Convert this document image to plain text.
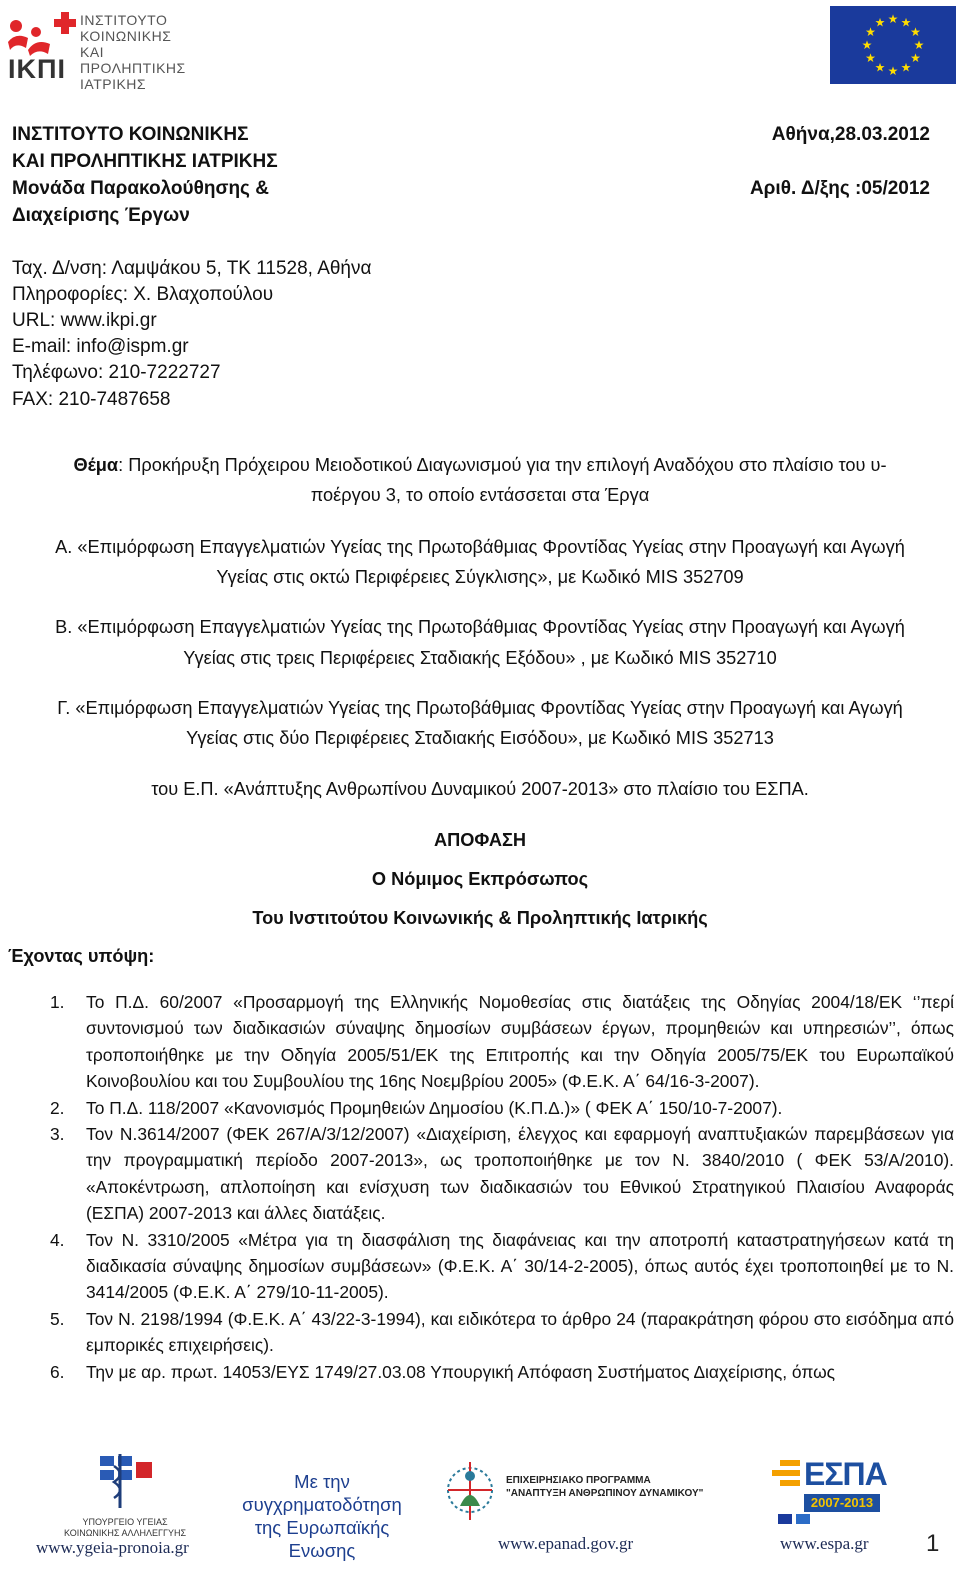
ΙΚΠΙ
ΙΝΣΤΙΤΟΥΤΟ
ΚΟΙΝΩΝΙΚΗΣ
ΚΑΙ ΠΡΟΛΗΠΤΙΚΗΣ
ΙΑΤΡΙΚΗΣ
★ ★
★
★
★
★
★
★
★
★
★
★
ΙΝΣΤΙΤΟΥΤΟ ΚΟΙΝΩΝΙΚΗΣ
ΚΑΙ ΠΡΟΛΗΠΤΙΚΗΣ ΙΑΤΡΙΚΗΣ
Μονάδα Παρακολούθησης &
Διαχείρισης Έργων
Αθήνα,28.03.2012
Αριθ. Δ/ξης :05/2012
Ταχ. Δ/νση: Λαμψάκου 5, ΤΚ 11528, Αθήνα
Πληροφορίες: Χ. Βλαχοπούλου
URL: www.ikpi.gr
E-mail: info@ispm.gr
Τηλέφωνο: 210-7222727
FAX: 210-7487658
Θέμα: Προκήρυξη Πρόχειρου Μειοδοτικού Διαγωνισμού για την επιλογή Αναδόχου στο πλαίσιο του υ-
ποέργου 3, το οποίο εντάσσεται στα Έργα
Α. «Επιμόρφωση Επαγγελματιών Υγείας της Πρωτοβάθμιας Φροντίδας Υγείας στην Προαγωγή και Αγωγή
Υγείας στις οκτώ Περιφέρειες Σύγκλισης», με Κωδικό MIS 352709
Β. «Επιμόρφωση Επαγγελματιών Υγείας της Πρωτοβάθμιας Φροντίδας Υγείας στην Προαγωγή και Αγωγή
Υγείας στις τρεις Περιφέρειες Σταδιακής Εξόδου» , με Κωδικό MIS 352710
Γ. «Επιμόρφωση Επαγγελματιών Υγείας της Πρωτοβάθμιας Φροντίδας Υγείας στην Προαγωγή και Αγωγή
Υγείας στις δύο Περιφέρειες Σταδιακής Εισόδου», με Κωδικό MIS 352713
του Ε.Π. «Ανάπτυξης Ανθρωπίνου Δυναμικού 2007-2013» στο πλαίσιο του ΕΣΠΑ.
ΑΠΟΦΑΣΗ
Ο Νόμιμος Εκπρόσωπος
Του Ινστιτούτου Κοινωνικής & Προληπτικής Ιατρικής
Έχοντας υπόψη:
1. Το Π.Δ. 60/2007 «Προσαρμογή της Ελληνικής Νομοθεσίας στις διατάξεις της Οδηγίας 2004/18/ΕΚ ‘’περί συντονισμού των διαδικασιών σύναψης δημοσίων συμβάσεων έργων, προμηθειών και υπηρεσιών’’, όπως τροποποιήθηκε με την Οδηγία 2005/51/ΕΚ της Επιτροπής και την Οδηγία 2005/75/ΕΚ του Ευρωπαϊκού Κοινοβουλίου και του Συμβουλίου της 16ης Νοεμβρίου 2005» (Φ.Ε.Κ. Α΄ 64/16-3-2007).
2. Το Π.Δ. 118/2007 «Κανονισμός Προμηθειών Δημοσίου (Κ.Π.Δ.)» ( ΦΕΚ Α΄ 150/10-7-2007).
3. Τον Ν.3614/2007 (ΦΕΚ 267/Α/3/12/2007) «Διαχείριση, έλεγχος και εφαρμογή αναπτυξιακών παρεμβάσεων για την προγραμματική περίοδο 2007-2013», ως τροποποιήθηκε με τον Ν. 3840/2010 ( ΦΕΚ 53/Α/2010). «Αποκέντρωση, απλοποίηση και ενίσχυση των διαδικασιών του Εθνικού Στρατηγικού Πλαισίου Αναφοράς (ΕΣΠΑ) 2007-2013 και άλλες διατάξεις.
4. Τον Ν. 3310/2005 «Μέτρα για τη διασφάλιση της διαφάνειας και την αποτροπή καταστρατηγήσεων κατά τη διαδικασία σύναψης δημοσίων συμβάσεων» (Φ.Ε.Κ. Α΄ 30/14-2-2005), όπως αυτός έχει τροποποιηθεί με το Ν. 3414/2005 (Φ.Ε.Κ. Α΄ 279/10-11-2005).
5. Τον Ν. 2198/1994 (Φ.Ε.Κ. Α΄ 43/22-3-1994), και ειδικότερα το άρθρο 24 (παρακράτηση φόρου στο εισόδημα από εμπορικές επιχειρήσεις).
6. Την με αρ. πρωτ. 14053/ΕΥΣ 1749/27.03.08 Υπουργική Απόφαση Συστήματος Διαχείρισης, όπως
ΥΠΟΥΡΓΕΙΟ ΥΓΕΙΑΣ
ΚΟΙΝΩΝΙΚΗΣ ΑΛΛΗΛΕΓΓΥΗΣ
www.ygeia-pronoia.gr
Με την
συγχρηματοδότηση
της Ευρωπαϊκής
Ενωσης
ΕΠΙΧΕΙΡΗΣΙΑΚΟ ΠΡΟΓΡΑΜΜΑ
"ΑΝΑΠΤΥΞΗ ΑΝΘΡΩΠΙΝΟΥ ΔΥΝΑΜΙΚΟΥ"
www.epanad.gov.gr
ΕΣΠΑ
2007-2013
www.espa.gr 1
